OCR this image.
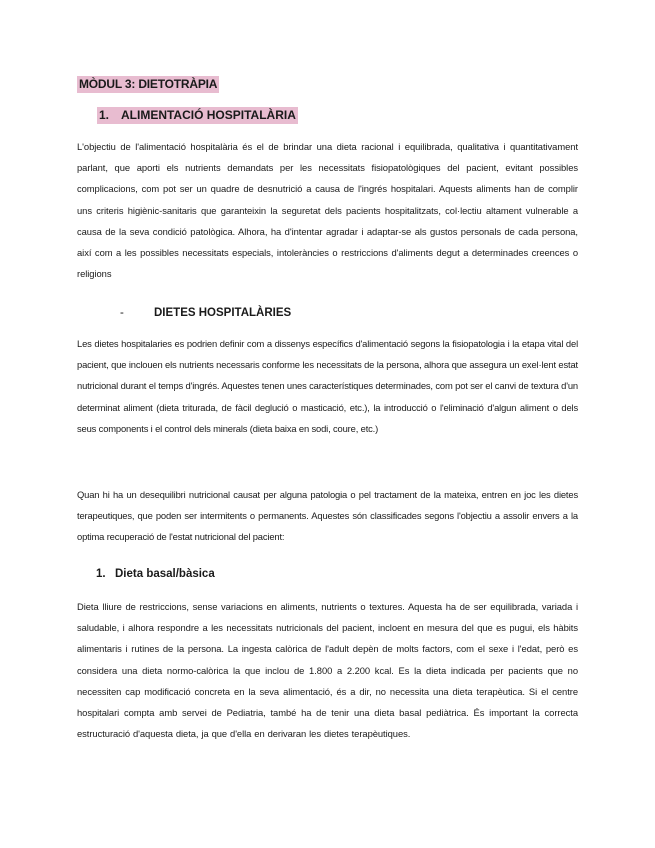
MÒDUL 3: DIETOTRÀPIA
1. ALIMENTACIÓ HOSPITALÀRIA
L'objectiu de l'alimentació hospitalària és el de brindar una dieta racional i equilibrada, qualitativa i quantitativament parlant, que aporti els nutrients demandats per les necessitats fisiopatològiques del pacient, evitant possibles complicacions, com pot ser un quadre de desnutrició a causa de l'ingrés hospitalari. Aquests aliments han de complir uns criteris higiènic-sanitaris que garanteixin la seguretat dels pacients hospitalitzats, col·lectiu altament vulnerable a causa de la seva condició patològica. Alhora, ha d'intentar agradar i adaptar-se als gustos personals de cada persona, així com a les possibles necessitats especials, intoleràncies o restriccions d'aliments degut a determinades creences o religions
-	DIETES HOSPITALÀRIES
Les dietes hospitalaries es podrien definir com a dissenys específics d'alimentació segons la fisiopatologia i la etapa vital del pacient, que inclouen els nutrients necessaris conforme les necessitats de la persona, alhora que assegura un exel·lent estat nutricional durant el temps d'ingrés. Aquestes tenen unes característiques determinades, com pot ser el canvi de textura d'un determinat aliment (dieta triturada, de fàcil deglució o masticació, etc.), la introducció o l'eliminació d'algun aliment o dels seus components i el control dels minerals (dieta baixa en sodi, coure, etc.)
Quan hi ha un desequilibri nutricional causat per alguna patologia o pel tractament de la mateixa, entren en joc les dietes terapeutiques, que poden ser intermitents o permanents. Aquestes són classificades segons l'objectiu a assolir envers a la optima recuperació de l'estat nutricional del pacient:
1. Dieta basal/bàsica
Dieta lliure de restriccions, sense variacions en aliments, nutrients o textures. Aquesta ha de ser equilibrada, variada i saludable, i alhora respondre a les necessitats nutricionals del pacient, incloent en mesura del que es pugui, els hàbits alimentaris i rutines de la persona. La ingesta calòrica de l'adult depèn de molts factors, com el sexe i l'edat, però es considera una dieta normo-calòrica la que inclou de 1.800 a 2.200 kcal. Es la dieta indicada per pacients que no necessiten cap modificació concreta en la seva alimentació, és a dir, no necessita una dieta terapèutica. Si el centre hospitalari compta amb servei de Pediatria, també ha de tenir una dieta basal pediàtrica. És important la correcta estructuració d'aquesta dieta, ja que d'ella en derivaran les dietes terapèutiques.
